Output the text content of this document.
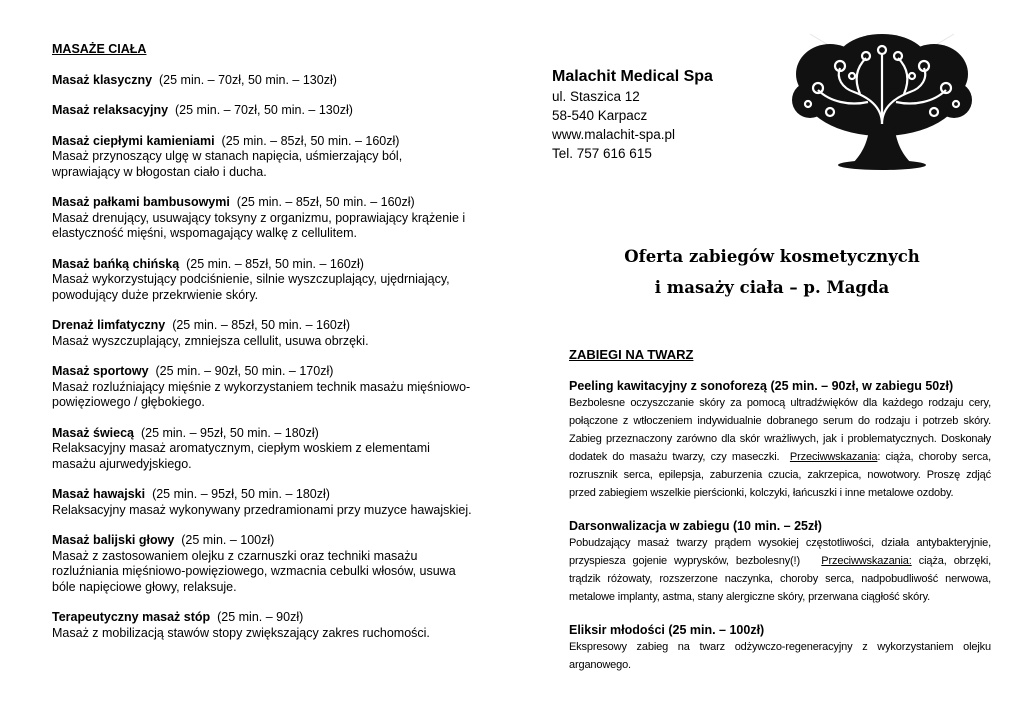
MASAŻE CIAŁA
Masaż klasyczny (25 min. – 70zł, 50 min. – 130zł)
Masaż relaksacyjny (25 min. – 70zł, 50 min. – 130zł)
Masaż ciepłymi kamieniami (25 min. – 85zł, 50 min. – 160zł)
Masaż przynoszący ulgę w stanach napięcia, uśmierzający ból, wprawiający w błogostan ciało i ducha.
Masaż pałkami bambusowymi (25 min. – 85zł, 50 min. – 160zł)
Masaż drenujący, usuwający toksyny z organizmu, poprawiający krążenie i elastyczność mięśni, wspomagający walkę z cellulitem.
Masaż bańką chińską (25 min. – 85zł, 50 min. – 160zł)
Masaż wykorzystujący podciśnienie, silnie wyszczuplający, ujędrniający, powodujący duże przekrwienie skóry.
Drenaż limfatyczny (25 min. – 85zł, 50 min. – 160zł)
Masaż wyszczuplający, zmniejsza cellulit, usuwa obrzęki.
Masaż sportowy (25 min. – 90zł, 50 min. – 170zł)
Masaż rozluźniający mięśnie z wykorzystaniem technik masażu mięśniowo-powięziowego / głębokiego.
Masaż świecą (25 min. – 95zł, 50 min. – 180zł)
Relaksacyjny masaż aromatycznym, ciepłym woskiem z elementami masażu ajurwedyjskiego.
Masaż hawajski (25 min. – 95zł, 50 min. – 180zł)
Relaksacyjny masaż wykonywany przedramionami przy muzyce hawajskiej.
Masaż balijski głowy (25 min. – 100zł)
Masaż z zastosowaniem olejku z czarnuszki oraz techniki masażu rozluźniania mięśniowo-powięziowego, wzmacnia cebulki włosów, usuwa bóle napięciowe głowy, relaksuje.
Terapeutyczny masaż stóp (25 min. – 90zł)
Masaż z mobilizacją stawów stopy zwiększający zakres ruchomości.
Malachit Medical Spa
ul. Staszica 12
58-540 Karpacz
www.malachit-spa.pl
Tel. 757 616 615
Oferta zabiegów kosmetycznych
i masaży ciała – p. Magda
ZABIEGI NA TWARZ
Peeling kawitacyjny z sonoforezą (25 min. – 90zł, w zabiegu 50zł)
Bezbolesne oczyszczanie skóry za pomocą ultradźwięków dla każdego rodzaju cery, połączone z wtłoczeniem indywidualnie dobranego serum do rodzaju i potrzeb skóry. Zabieg przeznaczony zarówno dla skór wrażliwych, jak i problematycznych. Doskonały dodatek do masażu twarzy, czy maseczki. Przeciwwskazania: ciąża, choroby serca, rozrusznik serca, epilepsja, zaburzenia czucia, zakrzepica, nowotwory. Proszę zdjąć przed zabiegiem wszelkie pierścionki, kolczyki, łańcuszki i inne metalowe ozdoby.
Darsonwalizacja w zabiegu (10 min. – 25zł)
Pobudzający masaż twarzy prądem wysokiej częstotliwości, działa antybakteryjnie, przyspiesza gojenie wyprysków, bezbolesny(!) Przeciwwskazania: ciąża, obrzęki, trądzik różowaty, rozszerzone naczynka, choroby serca, nadpobudliwość nerwowa, metalowe implanty, astma, stany alergiczne skóry, przerwana ciągłość skóry.
Eliksir młodości (25 min. – 100zł)
Ekspresowy zabieg na twarz odżywczo-regeneracyjny z wykorzystaniem olejku arganowego.
